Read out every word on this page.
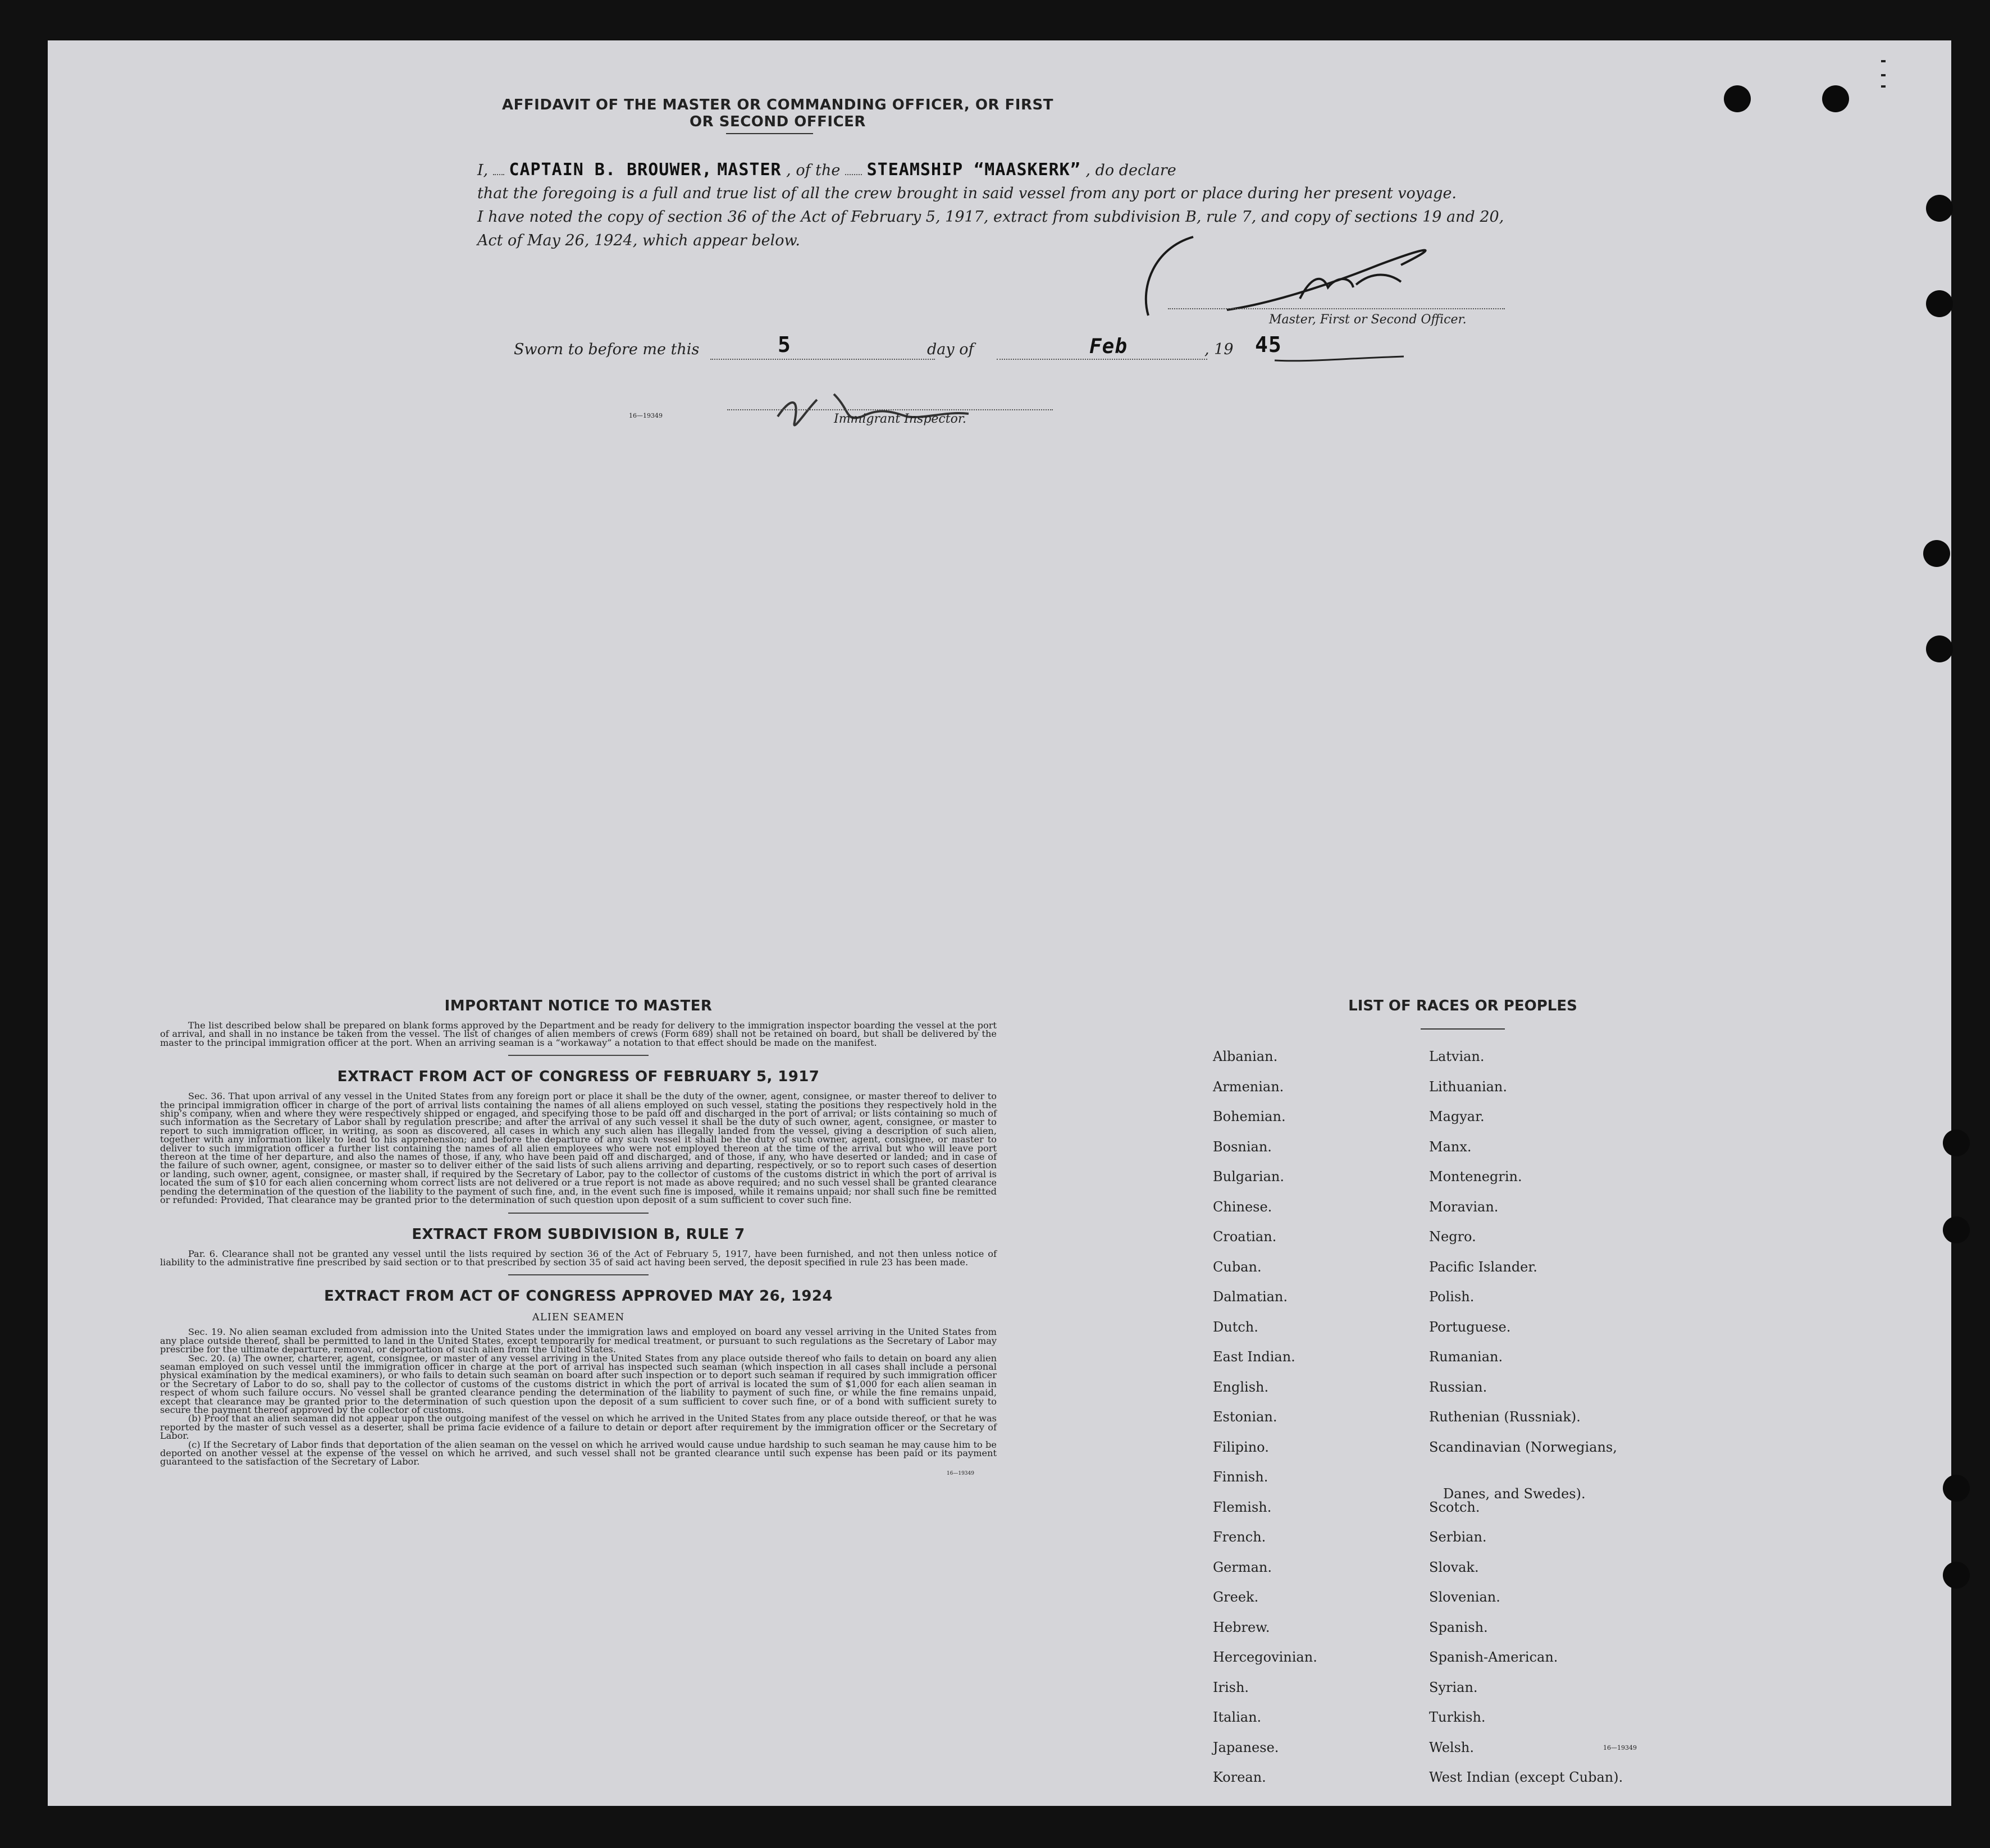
AFFIDAVIT OF THE MASTER OR COMMANDING OFFICER, OR FIRST OR SECOND OFFICER
I, CAPTAIN B. BROUWER, MASTER , of the STEAMSHIP “MAASKERK” , do declare
that the foregoing is a full and true list of all the crew brought in said vessel from any port or place during her present voyage.
I have noted the copy of section 36 of the Act of February 5, 1917, extract from subdivision B, rule 7, and copy of sections 19 and 20,
Act of May 26, 1924, which appear below.
Master, First or Second Officer.
Sworn to before me this	5	day of	Feb	, 19 45
16—19349	Immigrant Inspector.
IMPORTANT NOTICE TO MASTER

The list described below shall be prepared on blank forms approved by the Department and be ready for delivery to the immigration inspector boarding the vessel at the port of arrival, and shall in no instance be taken from the vessel. The list of changes of alien members of crews (Form 689) shall not be retained on board, but shall be delivered by the master to the principal immigration officer at the port. When an arriving seaman is a “workaway” a notation to that effect should be made on the manifest.

EXTRACT FROM ACT OF CONGRESS OF FEBRUARY 5, 1917

Sec. 36. That upon arrival of any vessel in the United States from any foreign port or place it shall be the duty of the owner, agent, consignee, or master thereof to deliver to the principal immigration officer in charge of the port of arrival lists containing the names of all aliens employed on such vessel, stating the positions they respectively hold in the ship’s company, when and where they were respectively shipped or engaged, and specifying those to be paid off and discharged in the port of arrival; or lists containing so much of such information as the Secretary of Labor shall by regulation prescribe; and after the arrival of any such vessel it shall be the duty of such owner, agent, consignee, or master to report to such immigration officer, in writing, as soon as discovered, all cases in which any such alien has illegally landed from the vessel, giving a description of such alien, together with any information likely to lead to his apprehension; and before the departure of any such vessel it shall be the duty of such owner, agent, consignee, or master to deliver to such immigration officer a further list containing the names of all alien employees who were not employed thereon at the time of the arrival but who will leave port thereon at the time of her departure, and also the names of those, if any, who have been paid off and discharged, and of those, if any, who have deserted or landed; and in case of the failure of such owner, agent, consignee, or master so to deliver either of the said lists of such aliens arriving and departing, respectively, or so to report such cases of desertion or landing, such owner, agent, consignee, or master shall, if required by the Secretary of Labor, pay to the collector of customs of the customs district in which the port of arrival is located the sum of $10 for each alien concerning whom correct lists are not delivered or a true report is not made as above required; and no such vessel shall be granted clearance pending the determination of the question of the liability to the payment of such fine, and, in the event such fine is imposed, while it remains unpaid; nor shall such fine be remitted or refunded: Provided, That clearance may be granted prior to the determination of such question upon deposit of a sum sufficient to cover such fine.

EXTRACT FROM SUBDIVISION B, RULE 7

Par. 6. Clearance shall not be granted any vessel until the lists required by section 36 of the Act of February 5, 1917, have been furnished, and not then unless notice of liability to the administrative fine prescribed by said section or to that prescribed by section 35 of said act having been served, the deposit specified in rule 23 has been made.

EXTRACT FROM ACT OF CONGRESS APPROVED MAY 26, 1924
ALIEN SEAMEN

Sec. 19. No alien seaman excluded from admission into the United States under the immigration laws and employed on board any vessel arriving in the United States from any place outside thereof, shall be permitted to land in the United States, except temporarily for medical treatment, or pursuant to such regulations as the Secretary of Labor may prescribe for the ultimate departure, removal, or deportation of such alien from the United States.

Sec. 20. (a) The owner, charterer, agent, consignee, or master of any vessel arriving in the United States from any place outside thereof who fails to detain on board any alien seaman employed on such vessel until the immigration officer in charge at the port of arrival has inspected such seaman (which inspection in all cases shall include a personal physical examination by the medical examiners), or who fails to detain such seaman on board after such inspection or to deport such seaman if required by such immigration officer or the Secretary of Labor to do so, shall pay to the collector of customs of the customs district in which the port of arrival is located the sum of $1,000 for each alien seaman in respect of whom such failure occurs. No vessel shall be granted clearance pending the determination of the liability to payment of such fine, or while the fine remains unpaid, except that clearance may be granted prior to the determination of such question upon the deposit of a sum sufficient to cover such fine, or of a bond with sufficient surety to secure the payment thereof approved by the collector of customs.

(b) Proof that an alien seaman did not appear upon the outgoing manifest of the vessel on which he arrived in the United States from any place outside thereof, or that he was reported by the master of such vessel as a deserter, shall be prima facie evidence of a failure to detain or deport after requirement by the immigration officer or the Secretary of Labor.

(c) If the Secretary of Labor finds that deportation of the alien seaman on the vessel on which he arrived would cause undue hardship to such seaman he may cause him to be deported on another vessel at the expense of the vessel on which he arrived, and such vessel shall not be granted clearance until such expense has been paid or its payment guaranteed to the satisfaction of the Secretary of Labor.

16—19349
LIST OF RACES OR PEOPLES
Albanian.
Armenian.
Bohemian.
Bosnian.
Bulgarian.
Chinese.
Croatian.
Cuban.
Dalmatian.
Dutch.
East Indian.
English.
Estonian.
Filipino.
Finnish.
Flemish.
French.
German.
Greek.
Hebrew.
Hercegovinian.
Irish.
Italian.
Japanese.
Korean.
Latvian.
Lithuanian.
Magyar.
Manx.
Montenegrin.
Moravian.
Negro.
Pacific Islander.
Polish.
Portuguese.
Rumanian.
Russian.
Ruthenian (Russniak).
Scandinavian (Norwegians,
Danes, and Swedes).
Scotch.
Serbian.
Slovak.
Slovenian.
Spanish.
Spanish-American.
Syrian.
Turkish.
Welsh.
West Indian (except Cuban).
16—19349
